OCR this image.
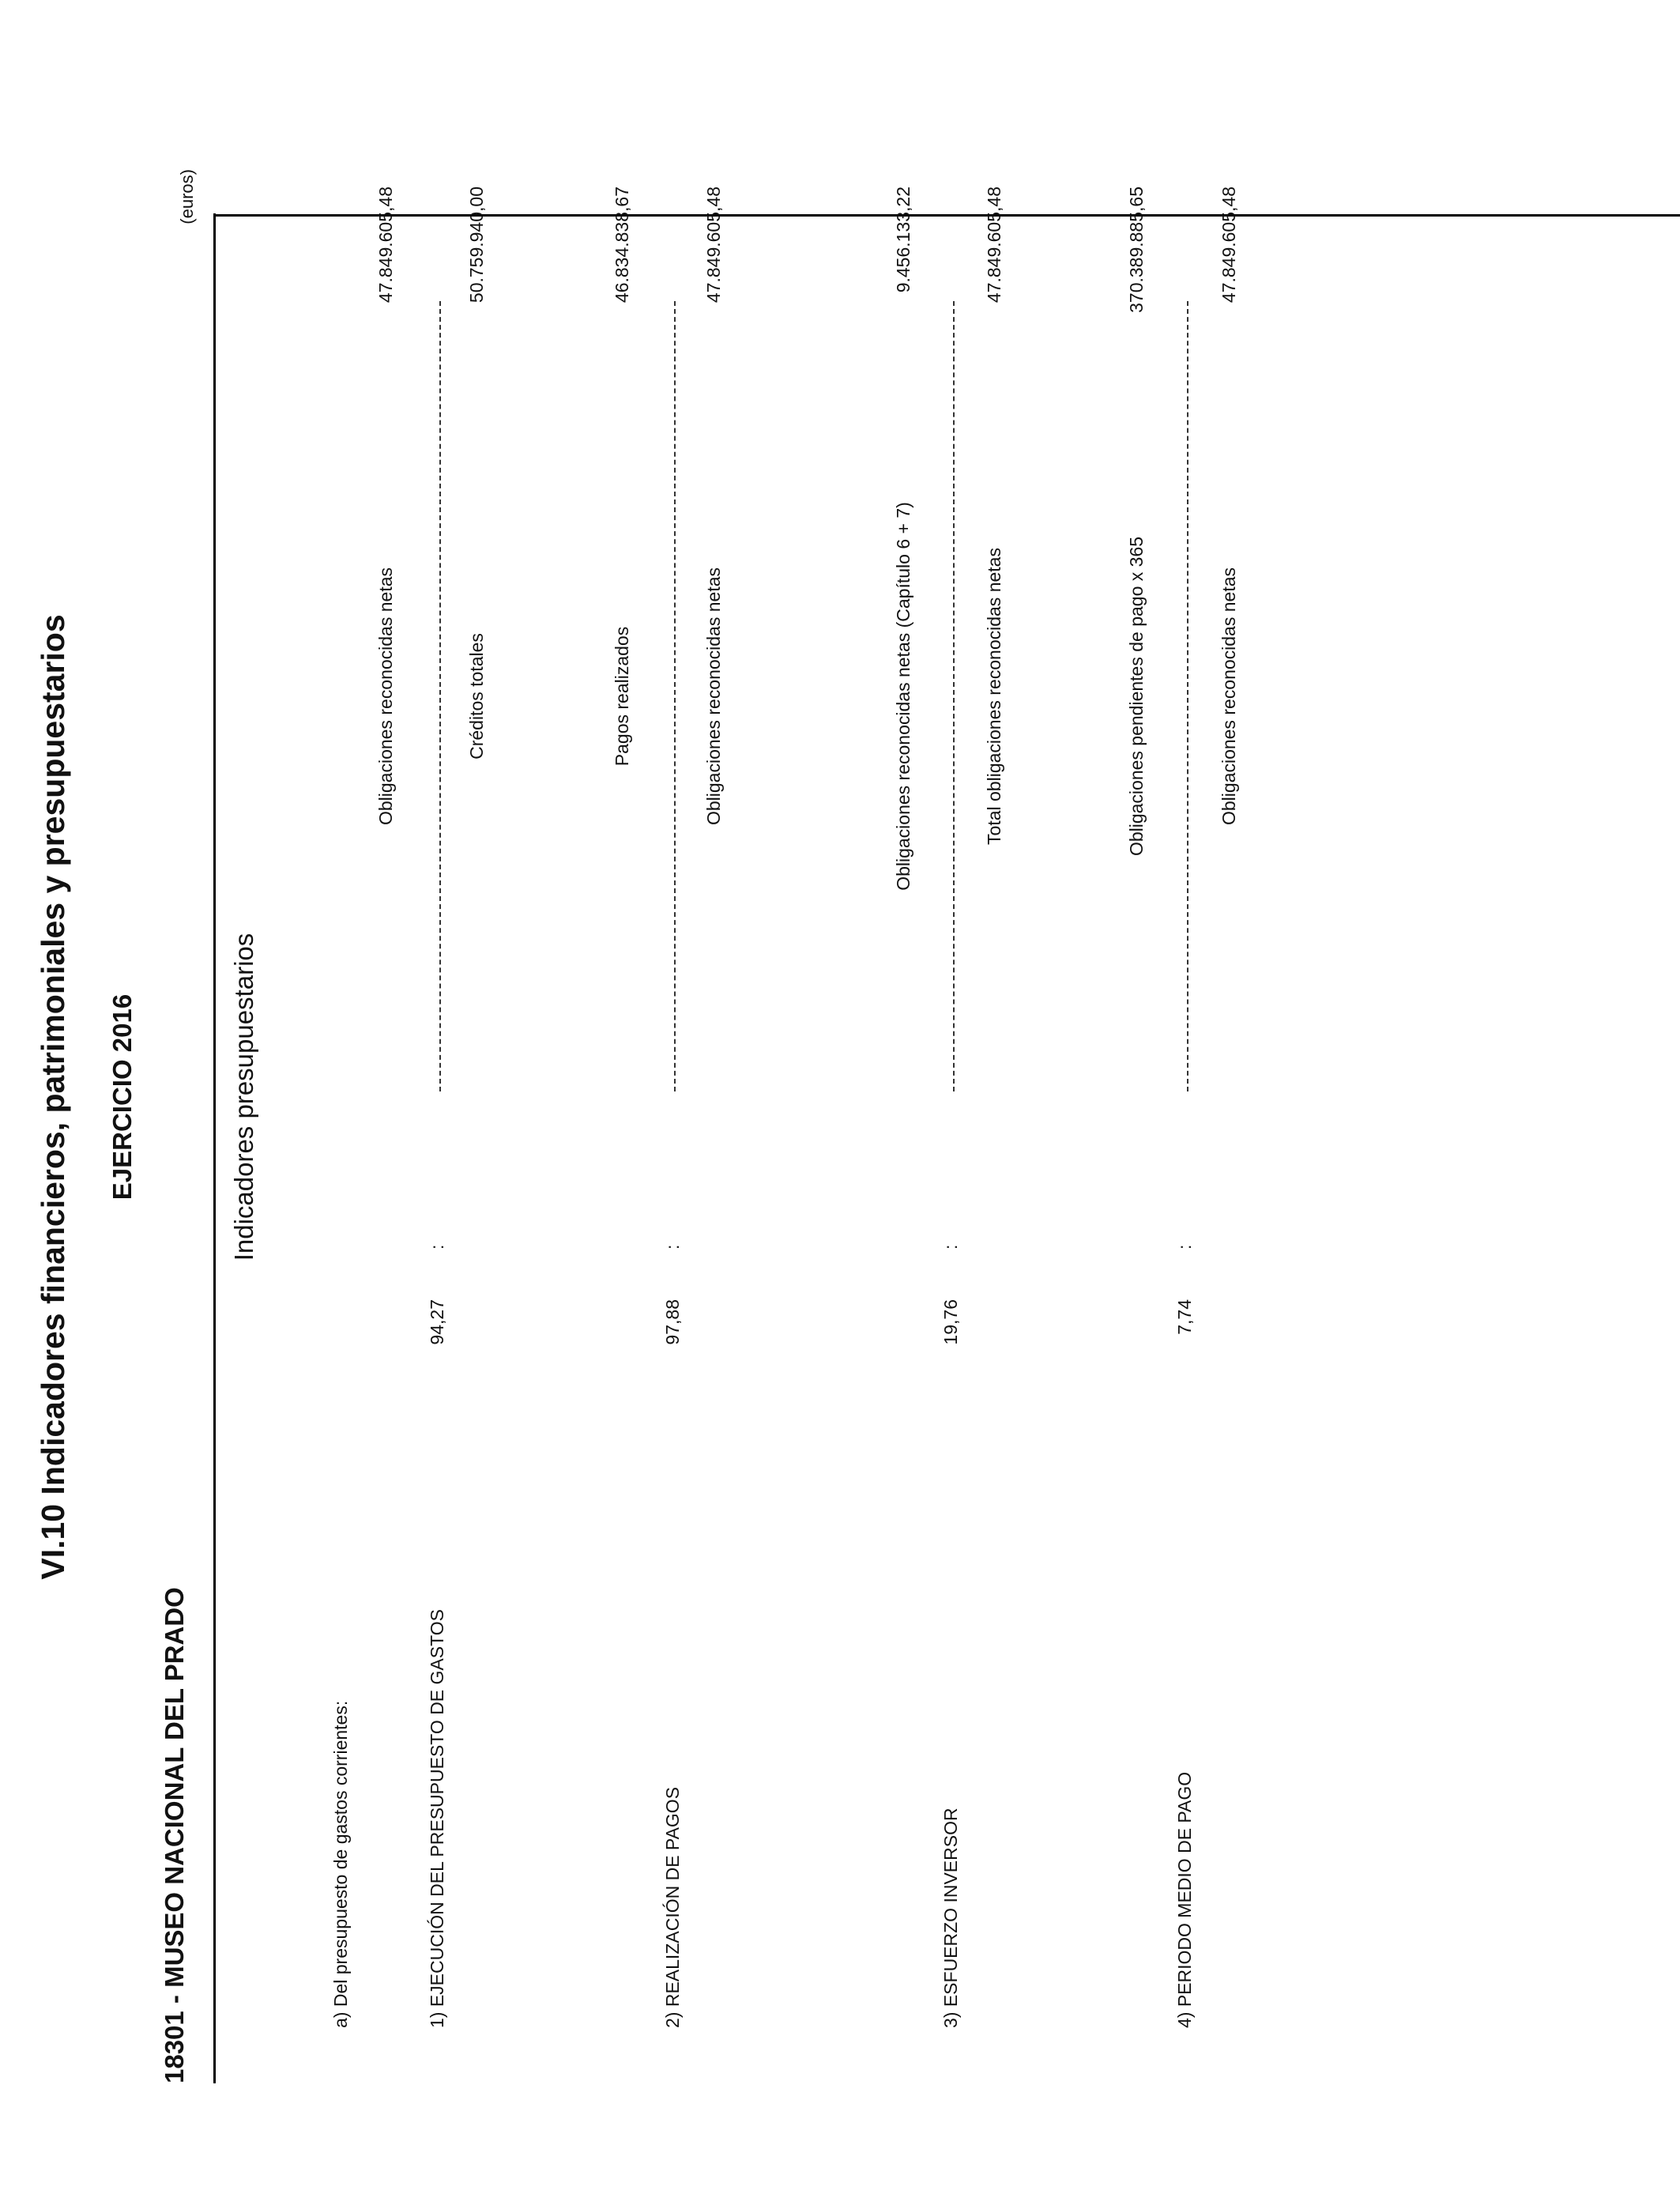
VI.10 Indicadores financieros, patrimoniales y presupuestarios EJERCICIO 2016
18301 - MUSEO NACIONAL DEL PRADO
(euros)
Indicadores presupuestarios
a) Del presupuesto de gastos corrientes:	1) EJECUCIÓN DEL PRESUPUESTO DE GASTOS
94,27
:
Obligaciones reconocidas netas	Créditos totales
47.849.605,48	50.759.940,00
2) REALIZACIÓN DE PAGOS
97,88
:
Pagos realizados	Obligaciones reconocidas netas
46.834.838,67	47.849.605,48
3) ESFUERZO INVERSOR
19,76
:
Obligaciones reconocidas netas (Capítulo 6 + 7)	Total obligaciones reconocidas netas
9.456.133,22	47.849.605,48
4) PERIODO MEDIO DE PAGO
7,74
:
Obligaciones pendientes de pago x 365	Obligaciones reconocidas netas
370.389.885,65	47.849.605,48
